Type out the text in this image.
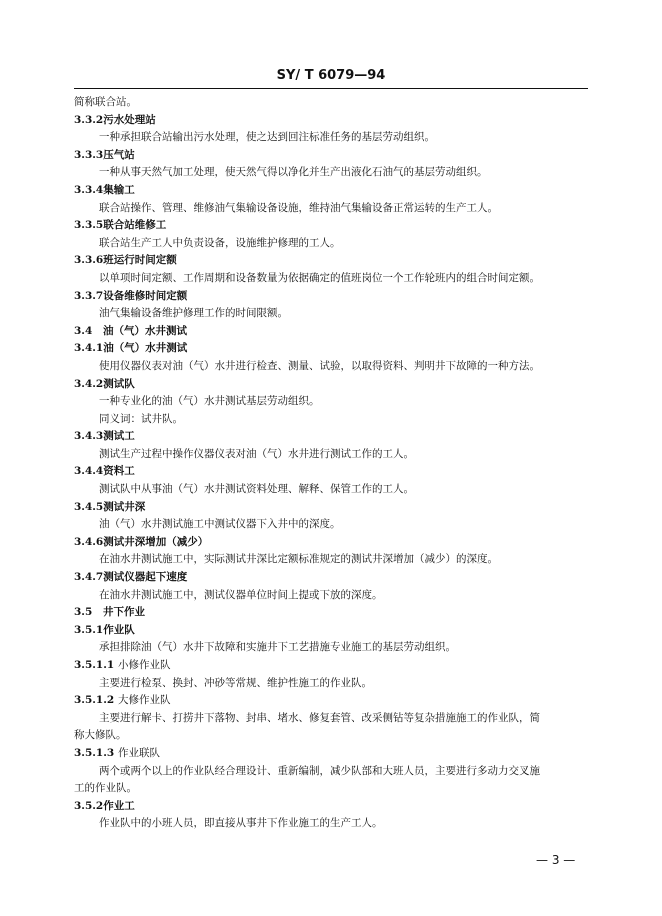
SY/ T 6079—94
简称联合站。
3.3.2污水处理站
一种承担联合站输出污水处理，使之达到回注标准任务的基层劳动组织。
3.3.3压气站
一种从事天然气加工处理，使天然气得以净化并生产出液化石油气的基层劳动组织。
3.3.4集输工
联合站操作、管理、维修油气集输设备设施，维持油气集输设备正常运转的生产工人。
3.3.5联合站维修工
联合站生产工人中负责设备，设施维护修理的工人。
3.3.6班运行时间定额
以单项时间定额、工作周期和设备数量为依据确定的值班岗位一个工作轮班内的组合时间定额。
3.3.7设备维修时间定额
油气集输设备维护修理工作的时间限额。
3.4 油（气）水井测试
3.4.1油（气）水井测试
使用仪器仪表对油（气）水井进行检查、测量、试验，以取得资料、判明井下故障的一种方法。
3.4.2测试队
一种专业化的油（气）水井测试基层劳动组织。
同义词：试井队。
3.4.3测试工
测试生产过程中操作仪器仪表对油（气）水井进行测试工作的工人。
3.4.4资料工
测试队中从事油（气）水井测试资料处理、解释、保管工作的工人。
3.4.5测试井深
油（气）水井测试施工中测试仪器下入井中的深度。
3.4.6测试井深增加（减少）
在油水井测试施工中，实际测试井深比定额标准规定的测试井深增加（减少）的深度。
3.4.7测试仪器起下速度
在油水井测试施工中，测试仪器单位时间上提或下放的深度。
3.5 井下作业
3.5.1作业队
承担排除油（气）水井下故障和实施井下工艺措施专业施工的基层劳动组织。
3.5.1.1 小修作业队
主要进行检泵、换封、冲砂等常规、维护性施工的作业队。
3.5.1.2 大修作业队
主要进行解卡、打捞井下落物、封串、堵水、修复套管、改采侧钻等复杂措施施工的作业队，简
称大修队。
3.5.1.3 作业联队
两个或两个以上的作业队经合理设计、重新编制，减少队部和大班人员，主要进行多动力交叉施
工的作业队。
3.5.2作业工
作业队中的小班人员，即直接从事井下作业施工的生产工人。
— 3 —
